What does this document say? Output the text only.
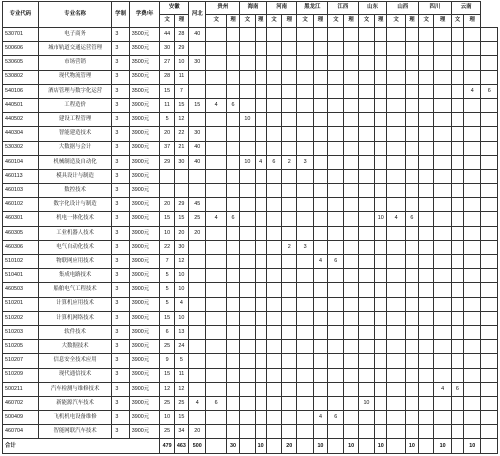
专业代码	专业名称	学制	学费/年	安徽		河北	贵州		海南		河南		黑龙江		江西		山东		山西		四川		云南		
				文	理		文	理	文	理	文	理	文	理	文	理	文	理	文	理	文	理	文	理	
530701	电子商务	3	3500元	44	28	40																			
500606	城市轨道交通运营管理	3	3500元	30	29																				
530605	市场营销	3	3500元	27	10	30																			
530802	现代物流管理	3	3500元	28	11																				
540106	酒店管理与数字化运营	3	3500元	15	7																			4	6
440501	工程造价	3	3900元	11	15	15	4	6																	
440502	建设工程管理	3	3900元	5	12				10																
440304	智能建造技术	3	3900元	20	22	30																			
530302	大数据与会计	3	3900元	37	21	40																			
460104	机械制造及自动化	3	3900元	29	30	40			10	4	6	2	3												
460113	模具设计与制造	3	3900元																						
460103	数控技术	3	3900元																						
460102	数字化设计与制造	3	3900元	20	29	45																			
460301	机电一体化技术	3	3900元	15	15	25	4	6										10	4	6					
460305	工业机器人技术	3	3900元	10	20	20																			
460306	电气自动化技术	3	3900元	22	30							2	3												
510102	物联网应用技术	3	3900元	7	12									4	6										
510401	集成电路技术	3	3900元	5	10																				
460503	船舶电气工程技术	3	3900元	5	10																				
510201	计算机应用技术	3	3900元	5	4																				
510202	计算机网络技术	3	3900元	15	10																				
510203	软件技术	3	3900元	6	13																				
510205	大数据技术	3	3900元	25	24																				
510207	信息安全技术应用	3	3900元	9	5																				
510209	现代通信技术	3	3900元	15	11																				
500211	汽车检测与维修技术	3	3900元	12	12																	4	6		
460702	新能源汽车技术	3	3900元	25	25	4	6										10								
500409	飞机机电设备维修	3	3900元	10	15									4	6										
460704	智能网联汽车技术	3	3900元	25	34	20																			
合计				479	463	500		30		10		20		10		10		10		10		10		10	
